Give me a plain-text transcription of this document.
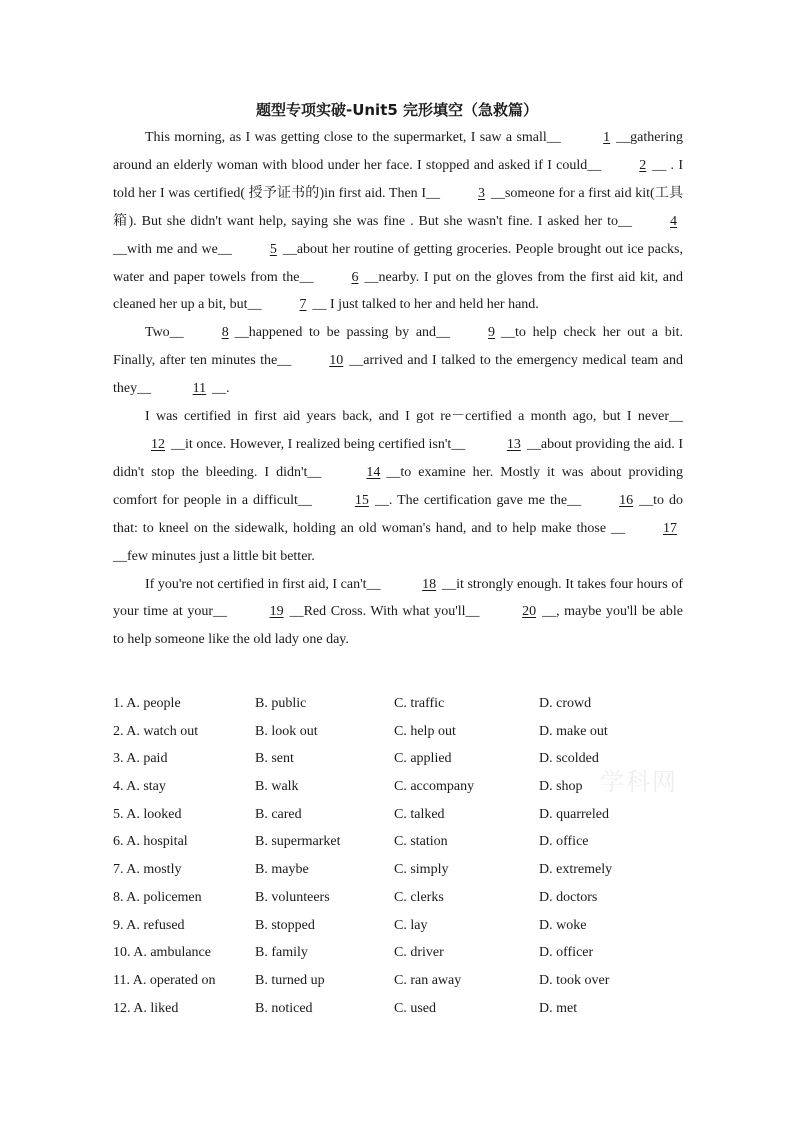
题型专项实破-Unit5 完形填空（急救篇）

This morning, as I was getting close to the supermarket, I saw a small__	1 __gathering around an elderly woman with blood under her face. I stopped and asked if I could__	2 __ . I told her I was certified( 授予证书的)in first aid. Then I__	3 __someone for a first aid kit(工具箱). But she didn't want help, saying she was fine . But she wasn't fine. I asked her to__	4__with me and we__	5 __about her routine of getting groceries. People brought out ice packs, water and paper towels from the__	6 __nearby. I put on the gloves from the first aid kit, and cleaned her up a bit, but__	7 __ I just talked to her and held her hand.

Two__	8 __happened to be passing by and__	9 __to help check her out a bit. Finally, after ten minutes the__	10 __arrived and I talked to the emergency medical team and they__	11 __.

I was certified in first aid years back, and I got re－certified a month ago, but I never__ 12 __it once. However, I realized being certified isn't__	13 __about providing the aid. I didn't stop the bleeding. I didn't__	14 __to examine her. Mostly it was about providing comfort for people in a difficult__	15 __. The certification gave me the__	16 __to do that: to kneel on the sidewalk, holding an old woman's hand, and to help make those __	17__few minutes just a little bit better.

If you're not certified in first aid, I can't__	18 __it strongly enough. It takes four hours of your time at your__	19 __Red Cross. With what you'll__	20 __, maybe you'll be able to help someone like the old lady one day.

1. A. people	B. public	C. traffic	D. crowd
2. A. watch out	B. look out	C. help out	D. make out
3. A. paid	B. sent	C. applied	D. scolded
4. A. stay	B. walk	C. accompany	D. shop
5. A. looked	B. cared	C. talked	D. quarreled
6. A. hospital	B. supermarket	C. station	D. office
7. A. mostly	B. maybe	C. simply	D. extremely
8. A. policemen	B. volunteers	C. clerks	D. doctors
9. A. refused	B. stopped	C. lay	D. woke
10. A. ambulance	B. family	C. driver	D. officer
11. A. operated on	B. turned up	C. ran away	D. took over
12. A. liked	B. noticed	C. used	D. met
学科网
